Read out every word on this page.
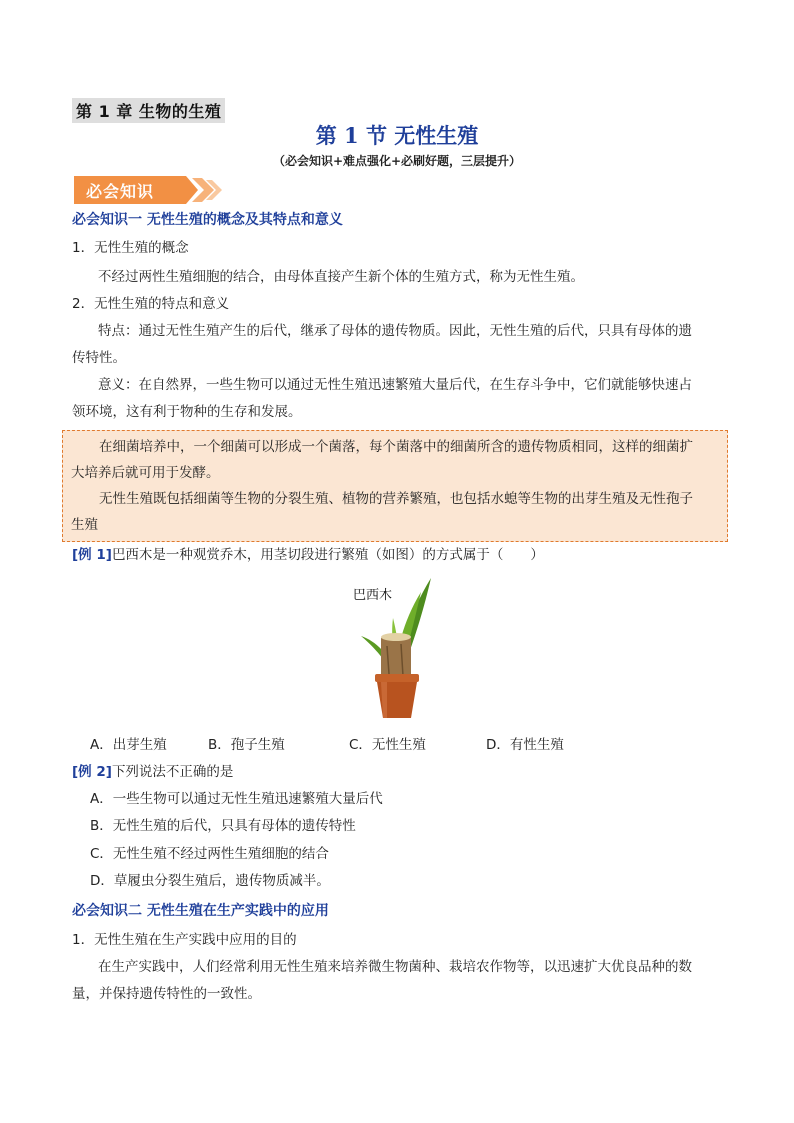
第 1 章 生物的生殖
第 1 节 无性生殖
（必会知识+难点强化+必刷好题，三层提升）
必会知识
必会知识一 无性生殖的概念及其特点和意义
1．无性生殖的概念
不经过两性生殖细胞的结合，由母体直接产生新个体的生殖方式，称为无性生殖。
2．无性生殖的特点和意义
特点：通过无性生殖产生的后代，继承了母体的遗传物质。因此，无性生殖的后代，只具有母体的遗
传特性。
意义：在自然界，一些生物可以通过无性生殖迅速繁殖大量后代，在生存斗争中，它们就能够快速占
领环境，这有利于物种的生存和发展。
在细菌培养中，一个细菌可以形成一个菌落，每个菌落中的细菌所含的遗传物质相同，这样的细菌扩
大培养后就可用于发酵。
无性生殖既包括细菌等生物的分裂生殖、植物的营养繁殖，也包括水螅等生物的出芽生殖及无性孢子
生殖
[例 1]巴西木是一种观赏乔木，用茎切段进行繁殖（如图）的方式属于（　　）
巴西木
A．出芽生殖	B．孢子生殖	C．无性生殖	D．有性生殖
[例 2]下列说法不正确的是
A．一些生物可以通过无性生殖迅速繁殖大量后代
B．无性生殖的后代，只具有母体的遗传特性
C．无性生殖不经过两性生殖细胞的结合
D．草履虫分裂生殖后，遗传物质减半。
必会知识二 无性生殖在生产实践中的应用
1．无性生殖在生产实践中应用的目的
在生产实践中，人们经常利用无性生殖来培养微生物菌种、栽培农作物等，以迅速扩大优良品种的数
量，并保持遗传特性的一致性。
